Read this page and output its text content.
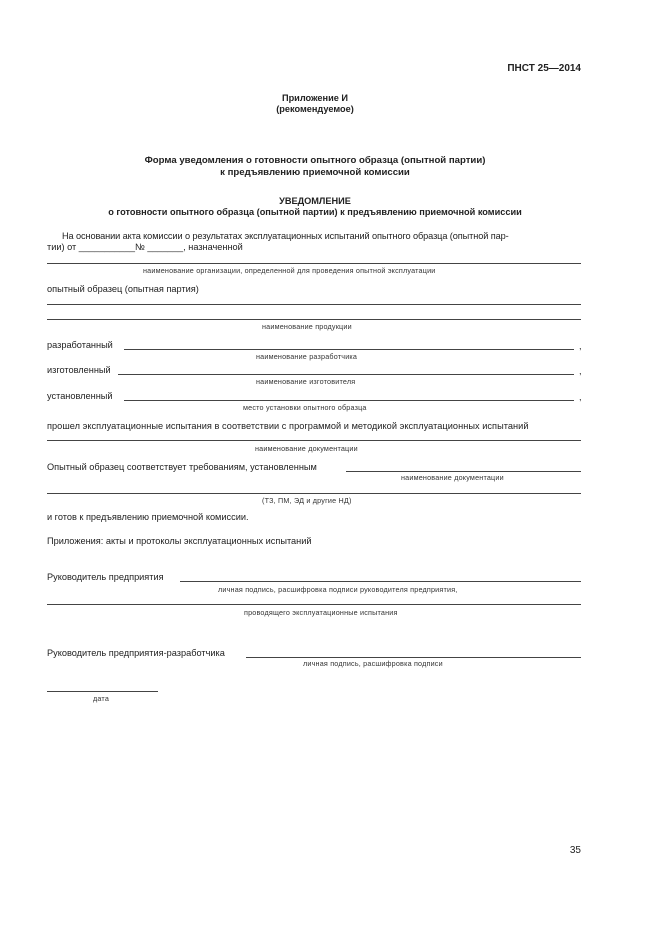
ПНСТ 25—2014
Приложение И
(рекомендуемое)
Форма уведомления о готовности опытного образца (опытной партии)
к предъявлению приемочной комиссии
УВЕДОМЛЕНИЕ
о готовности опытного образца (опытной партии) к предъявлению приемочной комиссии
На основании акта комиссии о результатах эксплуатационных испытаний опытного образца (опытной пар-
тии) от ___________№ _______, назначенной
наименование организации, определенной для проведения опытной эксплуатации
опытный образец (опытная партия)
наименование продукции
разработанный	,
наименование разработчика
изготовленный	,
наименование изготовителя
установленный	,
место установки опытного образца
прошел эксплуатационные испытания в соответствии с программой и методикой эксплуатационных испытаний
наименование документации
Опытный образец соответствует требованиям, установленным
наименование документации
(ТЗ, ПМ, ЭД и другие НД)
и готов к предъявлению приемочной комиссии.
Приложения: акты и протоколы эксплуатационных испытаний
Руководитель предприятия
личная подпись, расшифровка подписи руководителя предприятия,
проводящего эксплуатационные испытания
Руководитель предприятия-разработчика
личная подпись, расшифровка подписи
дата
35
